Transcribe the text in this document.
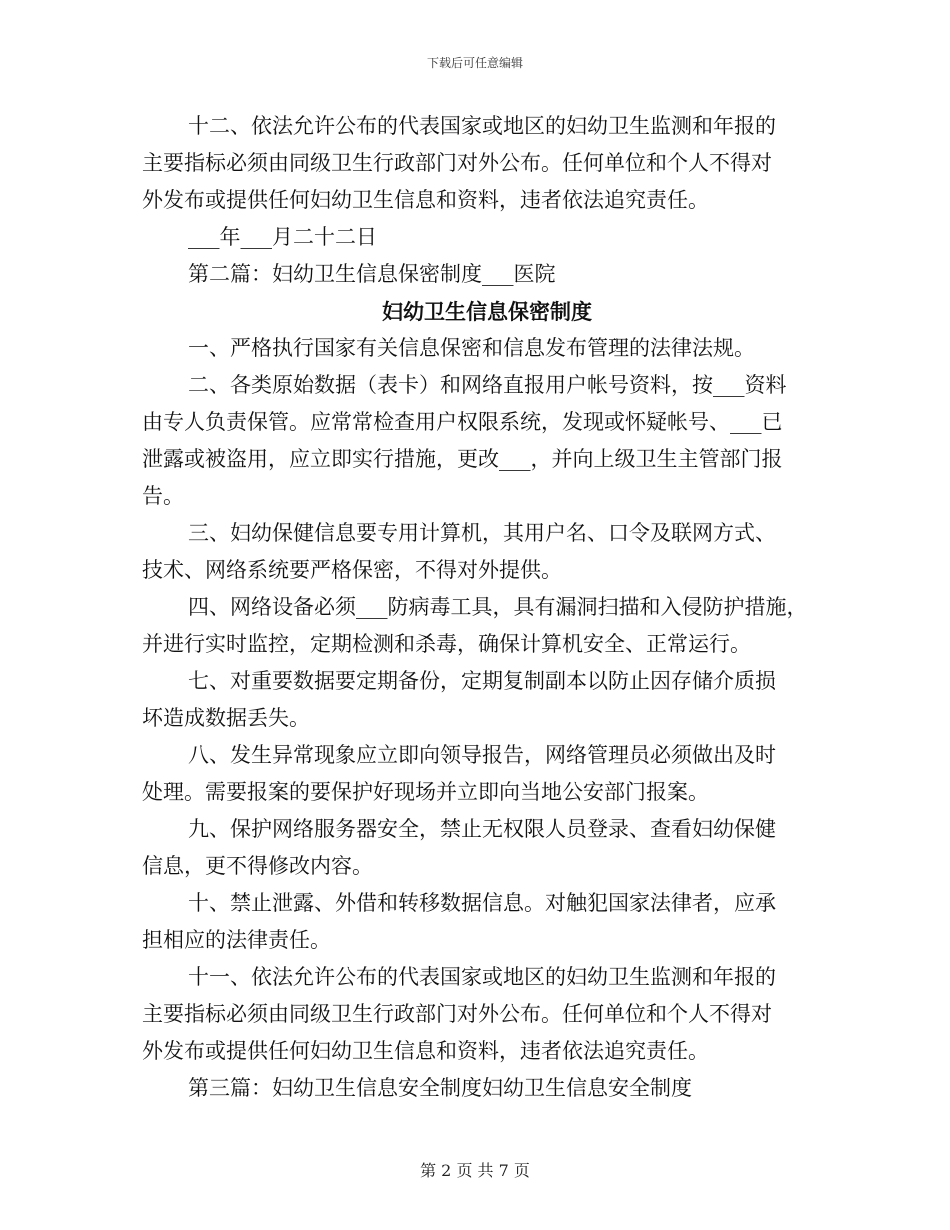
下载后可任意编辑
十二、依法允许公布的代表国家或地区的妇幼卫生监测和年报的
主要指标必须由同级卫生行政部门对外公布。任何单位和个人不得对
外发布或提供任何妇幼卫生信息和资料，违者依法追究责任。
___年___月二十二日
第二篇：妇幼卫生信息保密制度___医院
妇幼卫生信息保密制度
一、严格执行国家有关信息保密和信息发布管理的法律法规。
二、各类原始数据（表卡）和网络直报用户帐号资料，按___资料
由专人负责保管。应常常检查用户权限系统，发现或怀疑帐号、___已
泄露或被盗用，应立即实行措施，更改___，并向上级卫生主管部门报
告。
三、妇幼保健信息要专用计算机，其用户名、口令及联网方式、
技术、网络系统要严格保密，不得对外提供。
四、网络设备必须___防病毒工具，具有漏洞扫描和入侵防护措施，
并进行实时监控，定期检测和杀毒，确保计算机安全、正常运行。
七、对重要数据要定期备份，定期复制副本以防止因存储介质损
坏造成数据丢失。
八、发生异常现象应立即向领导报告，网络管理员必须做出及时
处理。需要报案的要保护好现场并立即向当地公安部门报案。
九、保护网络服务器安全，禁止无权限人员登录、查看妇幼保健
信息，更不得修改内容。
十、禁止泄露、外借和转移数据信息。对触犯国家法律者，应承
担相应的法律责任。
十一、依法允许公布的代表国家或地区的妇幼卫生监测和年报的
主要指标必须由同级卫生行政部门对外公布。任何单位和个人不得对
外发布或提供任何妇幼卫生信息和资料，违者依法追究责任。
第三篇：妇幼卫生信息安全制度妇幼卫生信息安全制度
第 2 页 共 7 页
